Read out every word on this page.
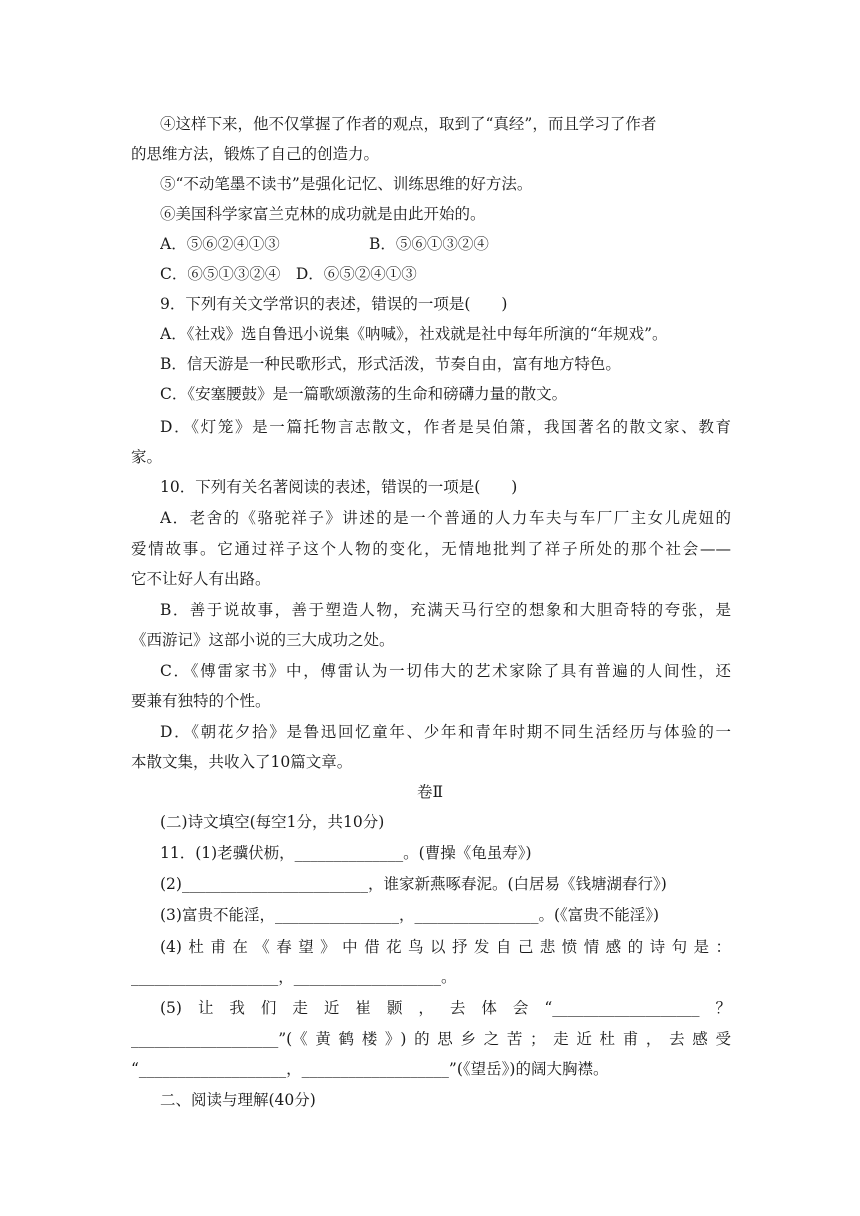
④这样下来，他不仅掌握了作者的观点，取到了“真经”，而且学习了作者
的思维方法，锻炼了自己的创造力。
⑤“不动笔墨不读书”是强化记忆、训练思维的好方法。
⑥美国科学家富兰克林的成功就是由此开始的。
A．⑤⑥②④①③	B．⑤⑥①③②④
C．⑥⑤①③②④　D．⑥⑤②④①③
9．下列有关文学常识的表述，错误的一项是(　　)
A．《社戏》选自鲁迅小说集《呐喊》，社戏就是社中每年所演的“年规戏”。
B．信天游是一种民歌形式，形式活泼，节奏自由，富有地方特色。
C．《安塞腰鼓》是一篇歌颂激荡的生命和磅礴力量的散文。
D．《灯笼》是一篇托物言志散文，作者是吴伯箫，我国著名的散文家、教育
家。
10．下列有关名著阅读的表述，错误的一项是(　　)
A．老舍的《骆驼祥子》讲述的是一个普通的人力车夫与车厂厂主女儿虎妞的
爱情故事。它通过祥子这个人物的变化，无情地批判了祥子所处的那个社会——
它不让好人有出路。
B．善于说故事，善于塑造人物，充满天马行空的想象和大胆奇特的夸张，是
《西游记》这部小说的三大成功之处。
C．《傅雷家书》中，傅雷认为一切伟大的艺术家除了具有普遍的人间性，还
要兼有独特的个性。
D．《朝花夕拾》是鲁迅回忆童年、少年和青年时期不同生活经历与体验的一
本散文集，共收入了10篇文章。
卷Ⅱ
(二)诗文填空(每空1分，共10分)
11．(1)老骥伏枥，______________。(曹操《龟虽寿》)
(2)________________________，谁家新燕啄春泥。(白居易《钱塘湖春行》)
(3)富贵不能淫，________________，________________。(《富贵不能淫》)
(4)杜甫在《春望》中借花鸟以抒发自己悲愤情感的诗句是：
___________________，___________________。
(5)让我们走近崔颢，去体会“___________________？
___________________”(《黄鹤楼》)的思乡之苦；走近杜甫，去感受
“___________________，___________________”(《望岳》)的阔大胸襟。
二、阅读与理解(40分)
